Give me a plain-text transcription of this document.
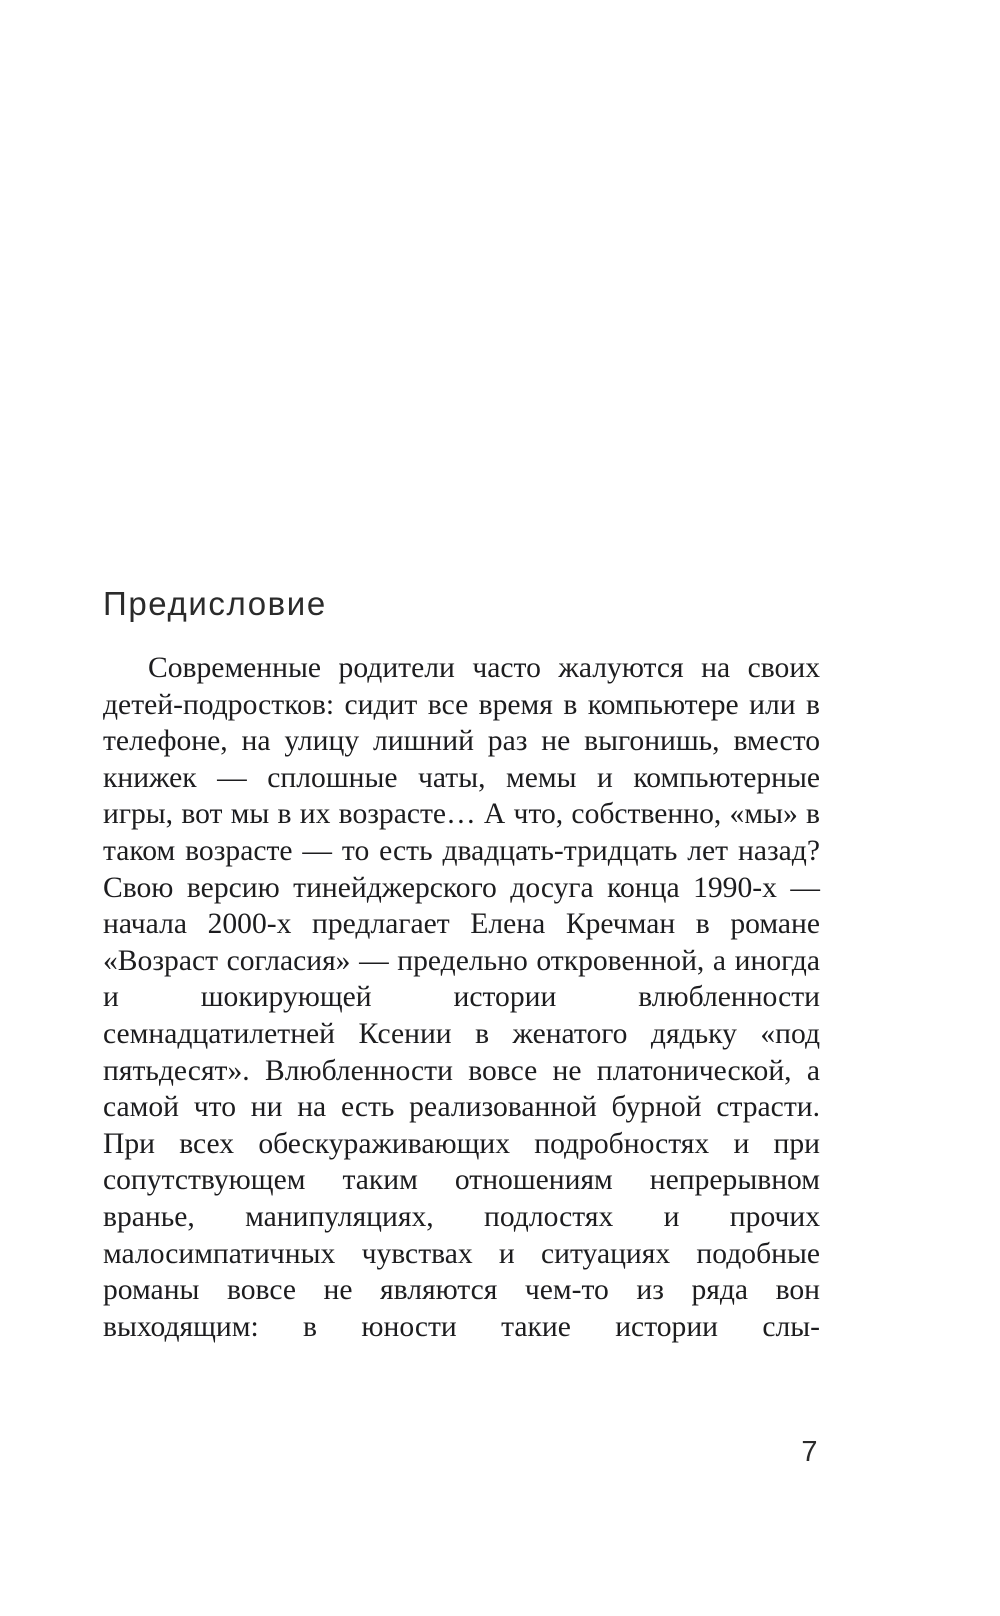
Предисловие

Современные родители часто жалуются на своих детей-подростков: сидит все время в компьютере или в телефоне, на улицу лишний раз не выгонишь, вместо книжек — сплошные чаты, мемы и компьютерные игры, вот мы в их возрасте… А что, собственно, «мы» в таком возрасте — то есть двадцать-тридцать лет назад? Свою версию тинейджерского досуга конца 1990-х — начала 2000-х предлагает Елена Кречман в романе «Возраст согласия» — предельно откровенной, а иногда и шокирующей истории влюбленности семнадцатилетней Ксении в женатого дядьку «под пятьдесят». Влюбленности вовсе не платонической, а самой что ни на есть реализованной бурной страсти. При всех обескураживающих подробностях и при сопутствующем таким отношениям непрерывном вранье, манипуляциях, подлостях и прочих малосимпатичных чувствах и ситуациях подобные романы вовсе не являются чем-то из ряда вон выходящим: в юности такие истории слы-

7
